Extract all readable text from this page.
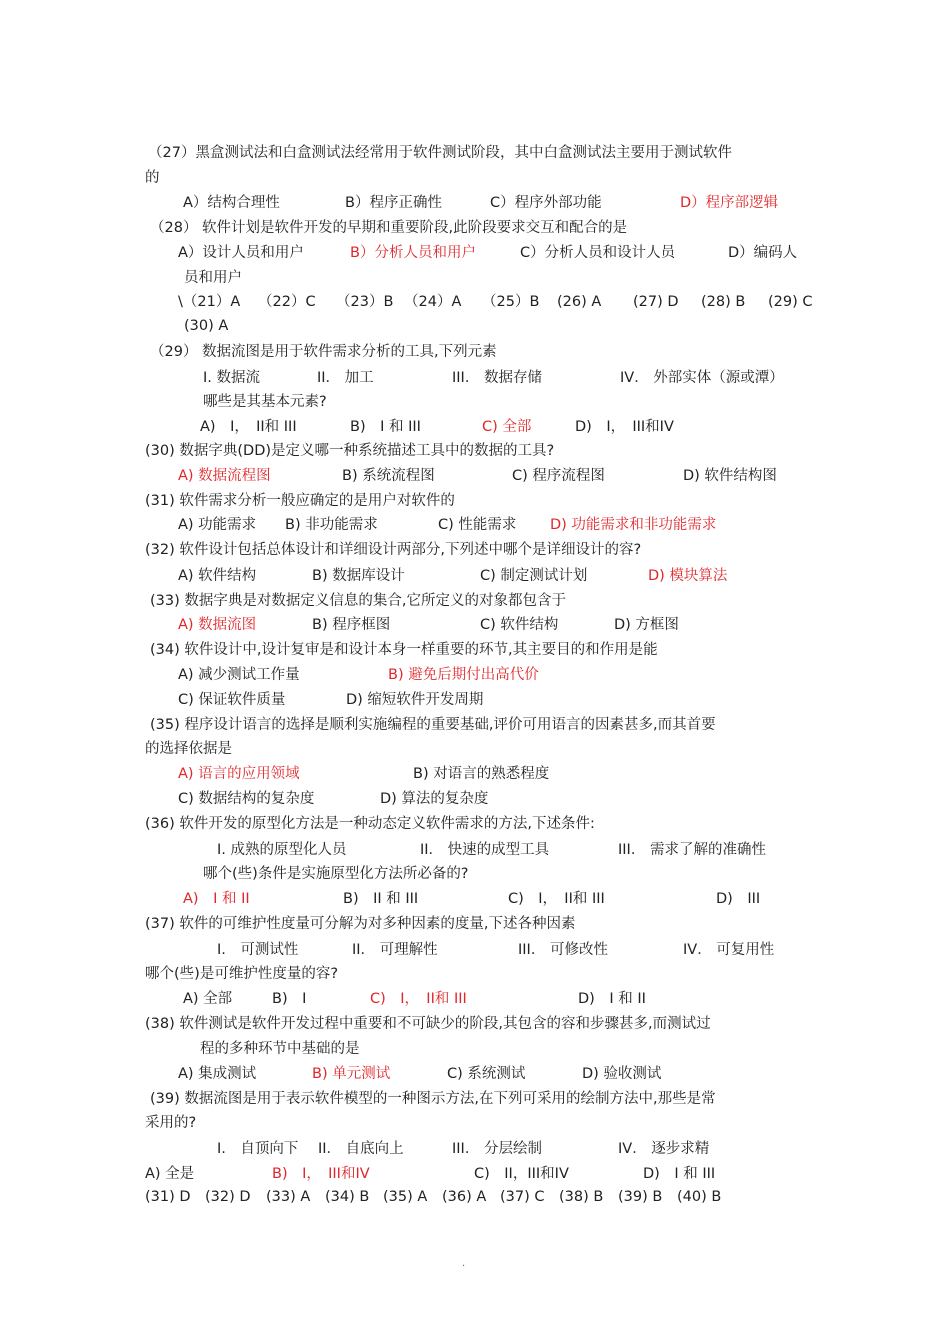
（27）黑盒测试法和白盒测试法经常用于软件测试阶段，其中白盒测试法主要用于测试软件
的
A）结构合理性	B）程序正确性	C）程序外部功能	D）程序部逻辑
（28） 软件计划是软件开发的早期和重要阶段,此阶段要求交互和配合的是
A）设计人员和用户	B）分析人员和用户	C）分析人员和设计人员	D）编码人
员和用户
\（21）A （22）C （23）B （24）A （25）B (26) A (27) D (28) B (29) C
(30) A
（29） 数据流图是用于软件需求分析的工具,下列元素
I. 数据流	II． 加工	III． 数据存储	IV． 外部实体（源或潭）
哪些是其基本元素?
A)　I，　II和 III	B)　I 和 III	C) 全部	D)　I，　III和IV
(30) 数据字典(DD)是定义哪一种系统描述工具中的数据的工具?
A) 数据流程图	B) 系统流程图	C) 程序流程图	D) 软件结构图
(31) 软件需求分析一般应确定的是用户对软件的
A) 功能需求 B) 非功能需求	C) 性能需求 D) 功能需求和非功能需求
(32) 软件设计包括总体设计和详细设计两部分,下列述中哪个是详细设计的容?
A) 软件结构	B) 数据库设计	C) 制定测试计划	D) 模块算法
(33) 数据字典是对数据定义信息的集合,它所定义的对象都包含于
A) 数据流图	B) 程序框图	C) 软件结构	D) 方框图
(34) 软件设计中,设计复审是和设计本身一样重要的环节,其主要目的和作用是能
A) 减少测试工作量	B) 避免后期付出高代价
C) 保证软件质量	D) 缩短软件开发周期
(35) 程序设计语言的选择是顺利实施编程的重要基础,评价可用语言的因素甚多,而其首要
的选择依据是
A) 语言的应用领域	B) 对语言的熟悉程度
C) 数据结构的复杂度	D) 算法的复杂度
(36) 软件开发的原型化方法是一种动态定义软件需求的方法,下述条件:
I. 成熟的原型化人员	II． 快速的成型工具	III． 需求了解的准确性
哪个(些)条件是实施原型化方法所必备的?
A)　I 和 II	B)　II 和 III	C)　I，　II和 III	D)　III
(37) 软件的可维护性度量可分解为对多种因素的度量,下述各种因素
I.　可测试性	II． 可理解性	III． 可修改性	IV． 可复用性
哪个(些)是可维护性度量的容?
A) 全部	B)　I	C)　I，　II和 III	D)　I 和 II
(38) 软件测试是软件开发过程中重要和不可缺少的阶段,其包含的容和步骤甚多,而测试过
程的多种环节中基础的是
A) 集成测试	B) 单元测试	C) 系统测试	D) 验收测试
(39) 数据流图是用于表示软件模型的一种图示方法,在下列可采用的绘制方法中,那些是常
采用的?
I.　自顶向下 II． 自底向上	III． 分层绘制	IV． 逐步求精
A) 全是	B)　I，　III和IV	C)　II，III和IV	D)　I 和 III
(31) D (32) D (33) A (34) B (35) A (36) A (37) C (38) B (39) B (40) B
.
